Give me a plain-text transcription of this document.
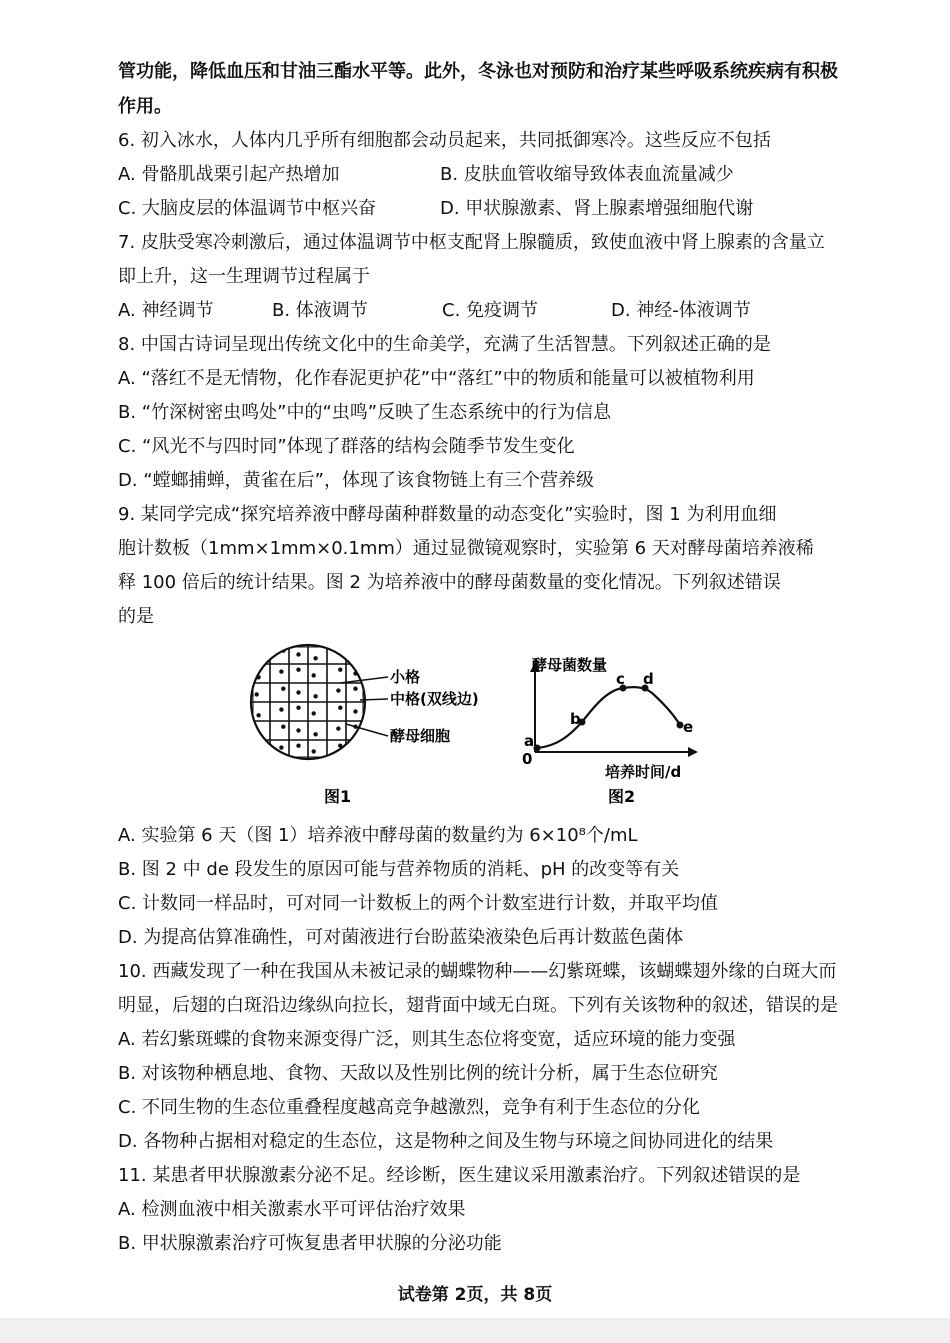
管功能，降低血压和甘油三酯水平等。此外，冬泳也对预防和治疗某些呼吸系统疾病有积极
作用。
6. 初入冰水，人体内几乎所有细胞都会动员起来，共同抵御寒冷。这些反应不包括
A. 骨骼肌战栗引起产热增加	B. 皮肤血管收缩导致体表血流量减少
C. 大脑皮层的体温调节中枢兴奋	D. 甲状腺激素、肾上腺素增强细胞代谢
7. 皮肤受寒冷刺激后，通过体温调节中枢支配肾上腺髓质，致使血液中肾上腺素的含量立
即上升，这一生理调节过程属于
A. 神经调节	B. 体液调节	C. 免疫调节	D. 神经-体液调节
8. 中国古诗词呈现出传统文化中的生命美学，充满了生活智慧。下列叙述正确的是
A. “落红不是无情物，化作春泥更护花”中“落红”中的物质和能量可以被植物利用
B. “竹深树密虫鸣处”中的“虫鸣”反映了生态系统中的行为信息
C. “风光不与四时同”体现了群落的结构会随季节发生变化
D. “螳螂捕蝉，黄雀在后”，体现了该食物链上有三个营养级
9. 某同学完成“探究培养液中酵母菌种群数量的动态变化”实验时，图 1 为利用血细
胞计数板（1mm×1mm×0.1mm）通过显微镜观察时，实验第 6 天对酵母菌培养液稀
释 100 倍后的统计结果。图 2 为培养液中的酵母菌数量的变化情况。下列叙述错误
的是
小格
中格(双线边)
酵母细胞
图1
酵母菌数量
培养时间/d
0
a
b
c d
e
图2
A. 实验第 6 天（图 1）培养液中酵母菌的数量约为 6×10⁸个/mL
B. 图 2 中 de 段发生的原因可能与营养物质的消耗、pH 的改变等有关
C. 计数同一样品时，可对同一计数板上的两个计数室进行计数，并取平均值
D. 为提高估算准确性，可对菌液进行台盼蓝染液染色后再计数蓝色菌体
10. 西藏发现了一种在我国从未被记录的蝴蝶物种——幻紫斑蝶，该蝴蝶翅外缘的白斑大而
明显，后翅的白斑沿边缘纵向拉长，翅背面中域无白斑。下列有关该物种的叙述，错误的是
A. 若幻紫斑蝶的食物来源变得广泛，则其生态位将变宽，适应环境的能力变强
B. 对该物种栖息地、食物、天敌以及性别比例的统计分析，属于生态位研究
C. 不同生物的生态位重叠程度越高竞争越激烈，竞争有利于生态位的分化
D. 各物种占据相对稳定的生态位，这是物种之间及生物与环境之间协同进化的结果
11. 某患者甲状腺激素分泌不足。经诊断，医生建议采用激素治疗。下列叙述错误的是
A. 检测血液中相关激素水平可评估治疗效果
B. 甲状腺激素治疗可恢复患者甲状腺的分泌功能
试卷第 2页，共 8页
